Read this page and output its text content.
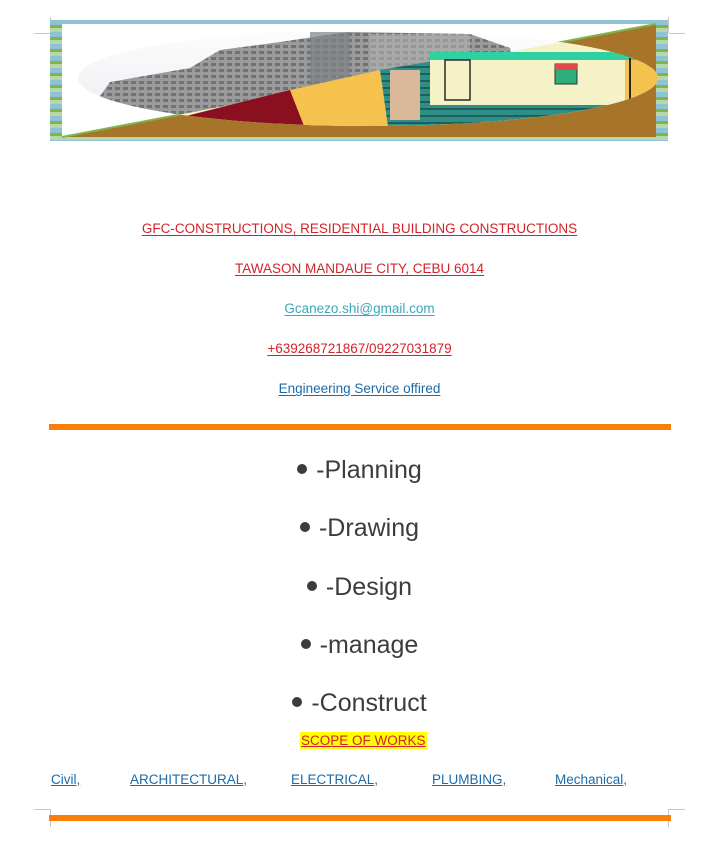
GFC-CONSTRUCTIONS, RESIDENTIAL BUILDING CONSTRUCTIONS
TAWASON MANDAUE CITY, CEBU 6014
Gcanezo.shi@gmail.com
+639268721867/09227031879
Engineering Service offired
-Planning
-Drawing
-Design
-manage
-Construct
SCOPE OF WORKS
Civil,	ARCHITECTURAL,	ELECTRICAL,	PLUMBING,	Mechanical,
